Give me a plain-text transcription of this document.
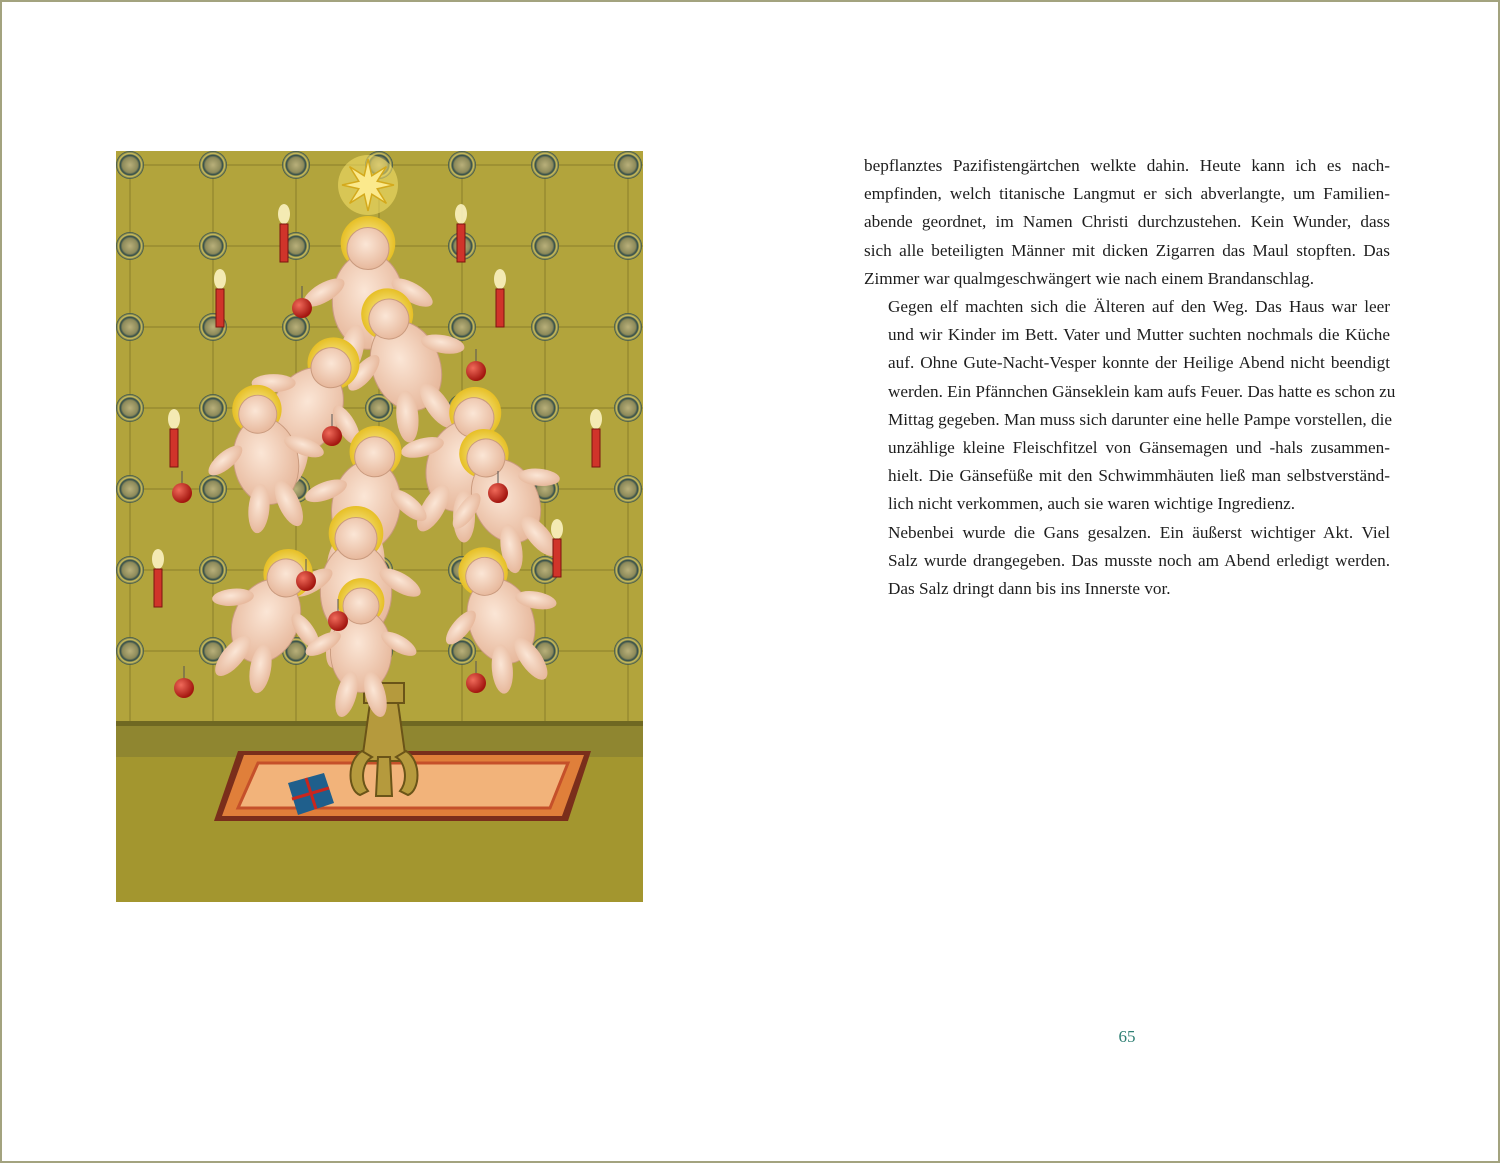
bepflanztes Pazifistengärtchen welkte dahin. Heute kann ich es nach-
empfinden, welch titanische Langmut er sich abverlangte, um Familien-
abende geordnet, im Namen Christi durchzustehen. Kein Wunder, dass
sich alle beteiligten Männer mit dicken Zigarren das Maul stopften. Das
Zimmer war qualmgeschwängert wie nach einem Brandanschlag.

Gegen elf machten sich die Älteren auf den Weg. Das Haus war leer
und wir Kinder im Bett. Vater und Mutter suchten nochmals die Küche
auf. Ohne Gute-Nacht-Vesper konnte der Heilige Abend nicht beendigt
werden. Ein Pfännchen Gänseklein kam aufs Feuer. Das hatte es schon zu
Mittag gegeben. Man muss sich darunter eine helle Pampe vorstellen, die
unzählige kleine Fleischfitzel von Gänsemagen und -hals zusammen-
hielt. Die Gänsefüße mit den Schwimmhäuten ließ man selbstverständ-
lich nicht verkommen, auch sie waren wichtige Ingredienz.

Nebenbei wurde die Gans gesalzen. Ein äußerst wichtiger Akt. Viel
Salz wurde drangegeben. Das musste noch am Abend erledigt werden.
Das Salz dringt dann bis ins Innerste vor.

65
